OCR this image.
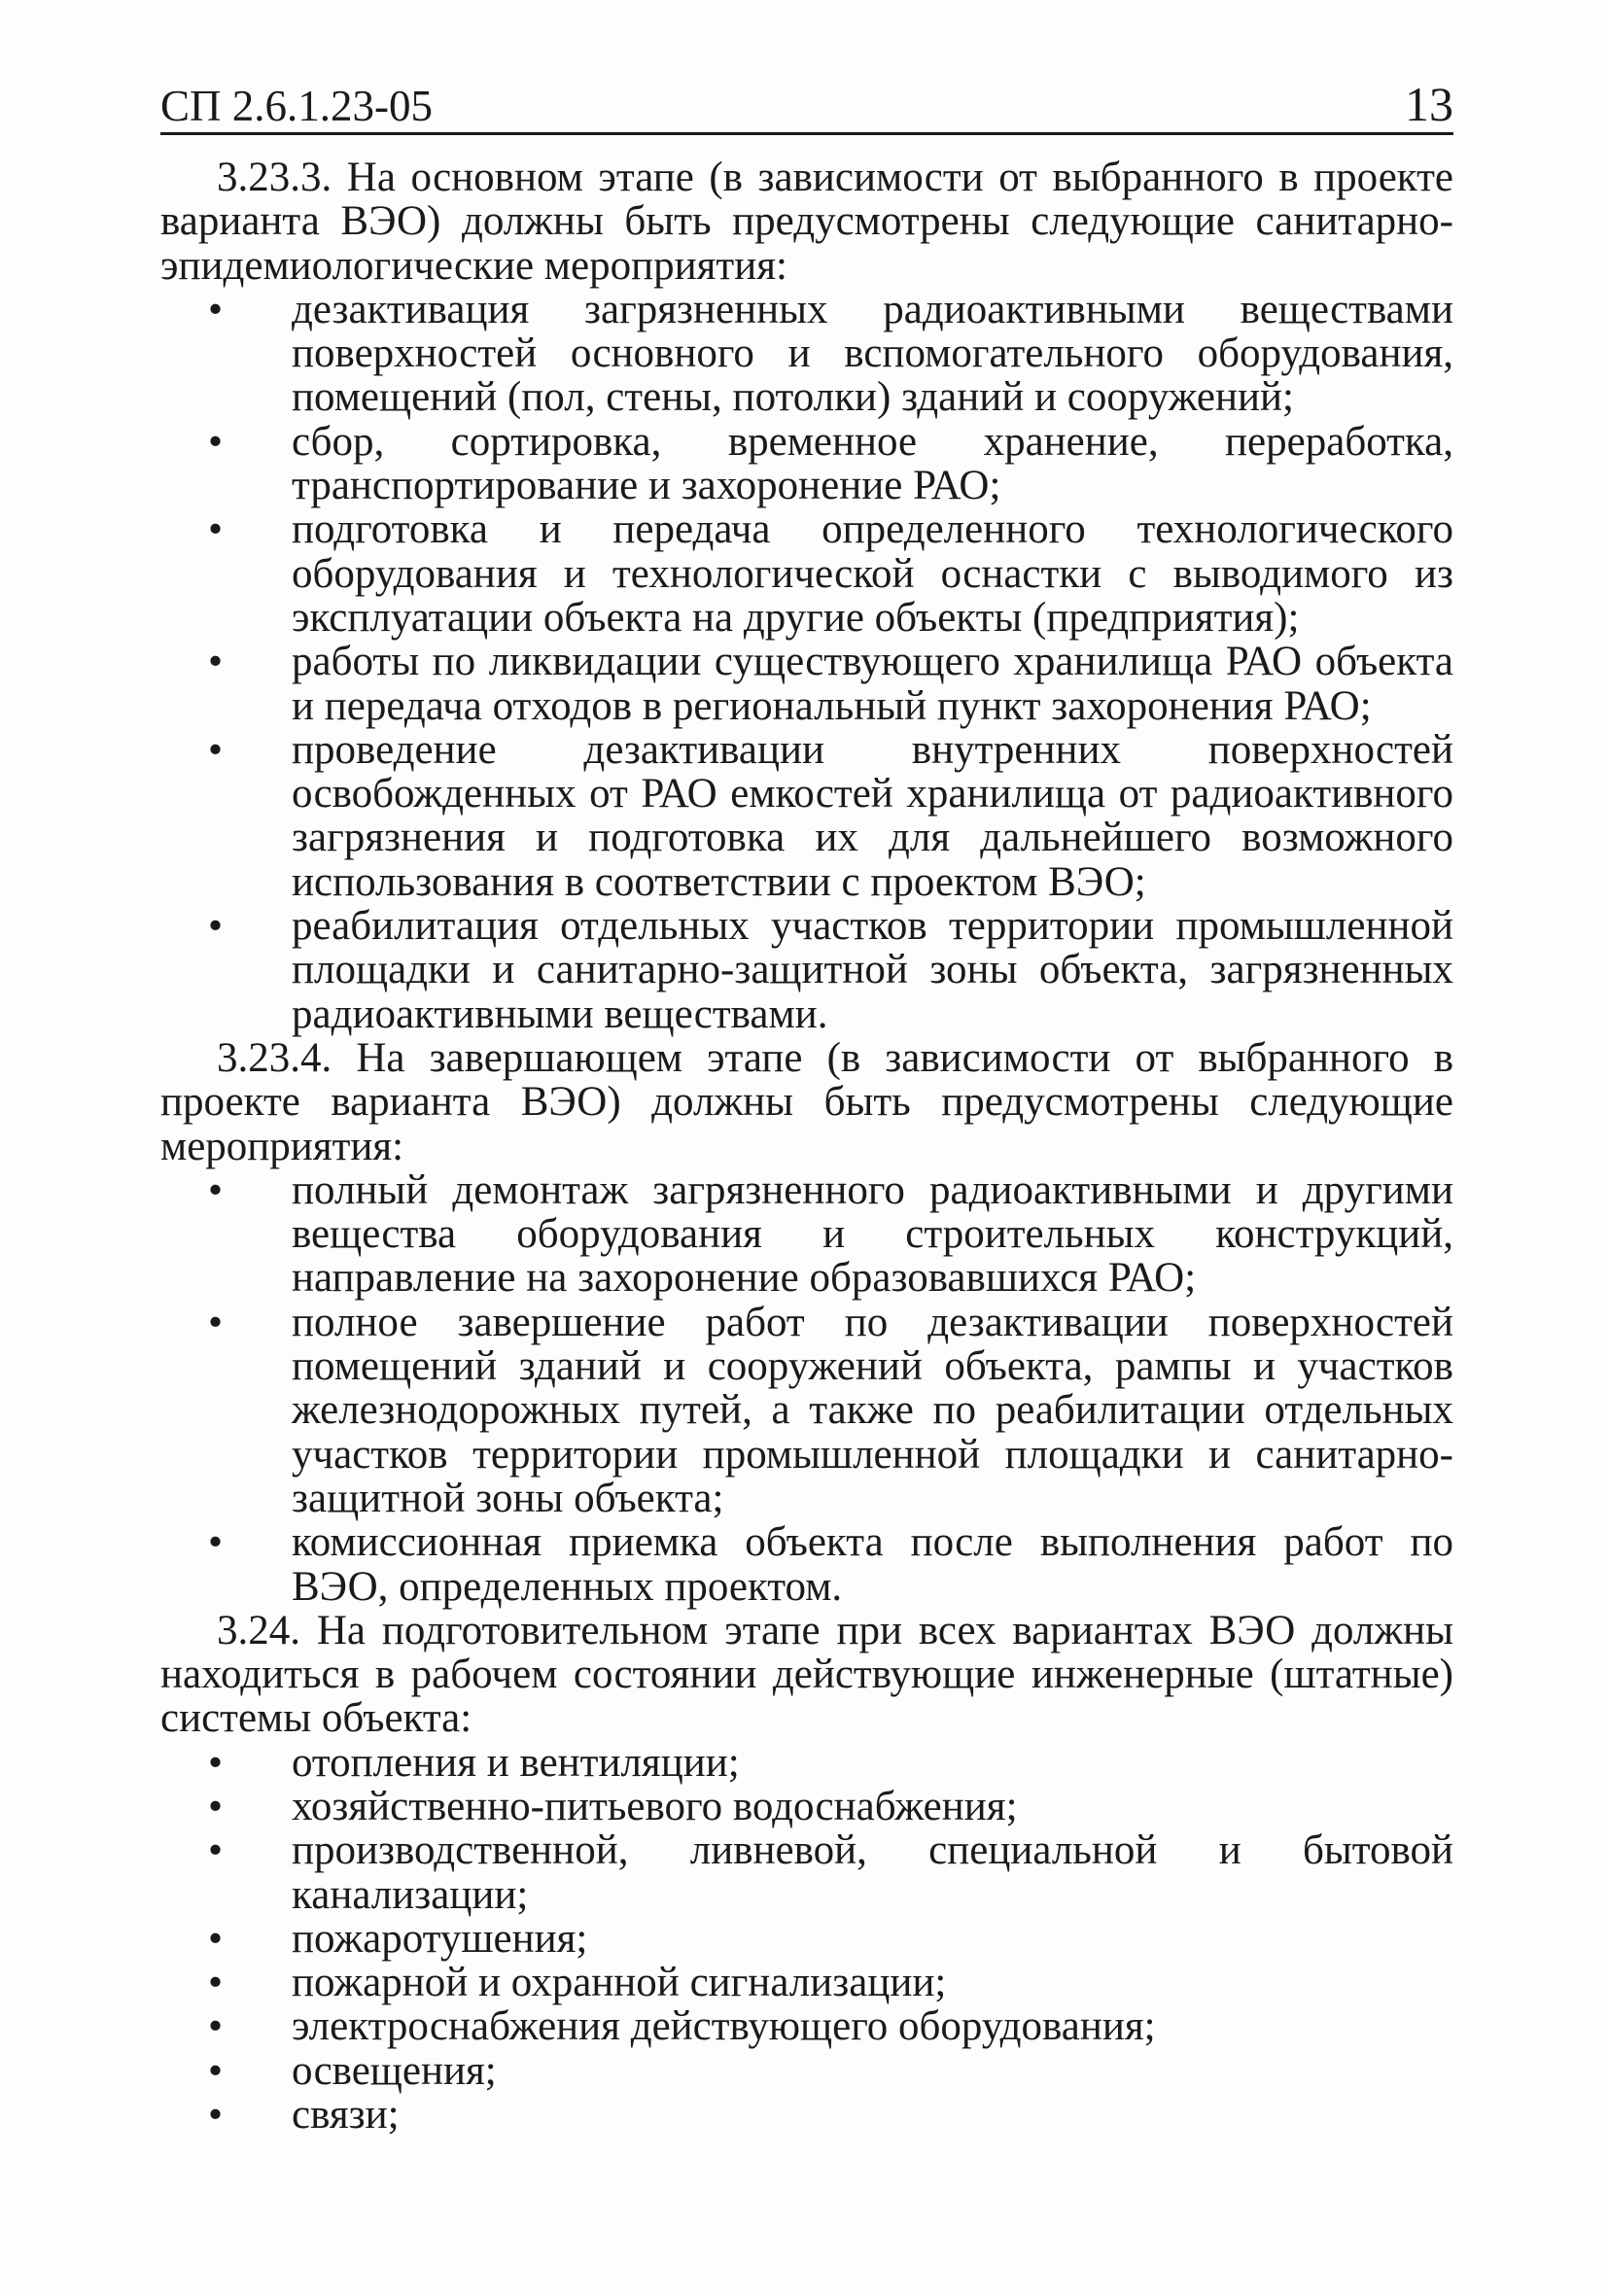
СП 2.6.1.23-05	13

3.23.3. На основном этапе (в зависимости от выбранного в проекте варианта ВЭО) должны быть предусмотрены следующие санитарно-эпидемиологические мероприятия:

• дезактивация загрязненных радиоактивными веществами поверхностей основного и вспомогательного оборудования, помещений (пол, стены, потолки) зданий и сооружений;
• сбор, сортировка, временное хранение, переработка, транспортирование и захоронение РАО;
• подготовка и передача определенного технологического оборудования и технологической оснастки с выводимого из эксплуатации объекта на другие объекты (предприятия);
• работы по ликвидации существующего хранилища РАО объекта и передача отходов в региональный пункт захоронения РАО;
• проведение дезактивации внутренних поверхностей освобожденных от РАО емкостей хранилища от радиоактивного загрязнения и подготовка их для дальнейшего возможного использования в соответствии с проектом ВЭО;
• реабилитация отдельных участков территории промышленной площадки и санитарно-защитной зоны объекта, загрязненных радиоактивными веществами.

3.23.4. На завершающем этапе (в зависимости от выбранного в проекте варианта ВЭО) должны быть предусмотрены следующие мероприятия:

• полный демонтаж загрязненного радиоактивными и другими вещества оборудования и строительных конструкций, направление на захоронение образовавшихся РАО;
• полное завершение работ по дезактивации поверхностей помещений зданий и сооружений объекта, рампы и участков железнодорожных путей, а также по реабилитации отдельных участков территории промышленной площадки и санитарно-защитной зоны объекта;
• комиссионная приемка объекта после выполнения работ по ВЭО, определенных проектом.

3.24. На подготовительном этапе при всех вариантах ВЭО должны находиться в рабочем состоянии действующие инженерные (штатные) системы объекта:

• отопления и вентиляции;
• хозяйственно-питьевого водоснабжения;
• производственной, ливневой, специальной и бытовой канализации;
• пожаротушения;
• пожарной и охранной сигнализации;
• электроснабжения действующего оборудования;
• освещения;
• связи;
